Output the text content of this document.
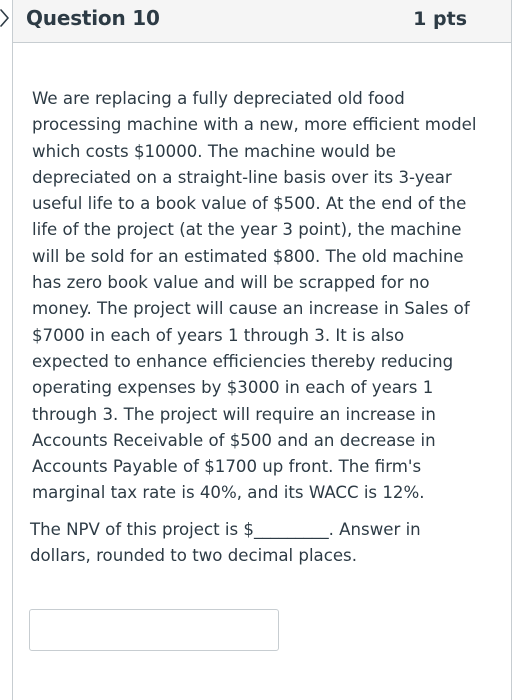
Question 10	1 pts

We are replacing a fully depreciated old food processing machine with a new, more efficient model which costs $10000. The machine would be depreciated on a straight-line basis over its 3-year useful life to a book value of $500. At the end of the life of the project (at the year 3 point), the machine will be sold for an estimated $800. The old machine has zero book value and will be scrapped for no money. The project will cause an increase in Sales of $7000 in each of years 1 through 3. It is also expected to enhance efficiencies thereby reducing operating expenses by $3000 in each of years 1 through 3. The project will require an increase in Accounts Receivable of $500 and an decrease in Accounts Payable of $1700 up front. The firm's marginal tax rate is 40%, and its WACC is 12%.

The NPV of this project is $_________. Answer in dollars, rounded to two decimal places.
